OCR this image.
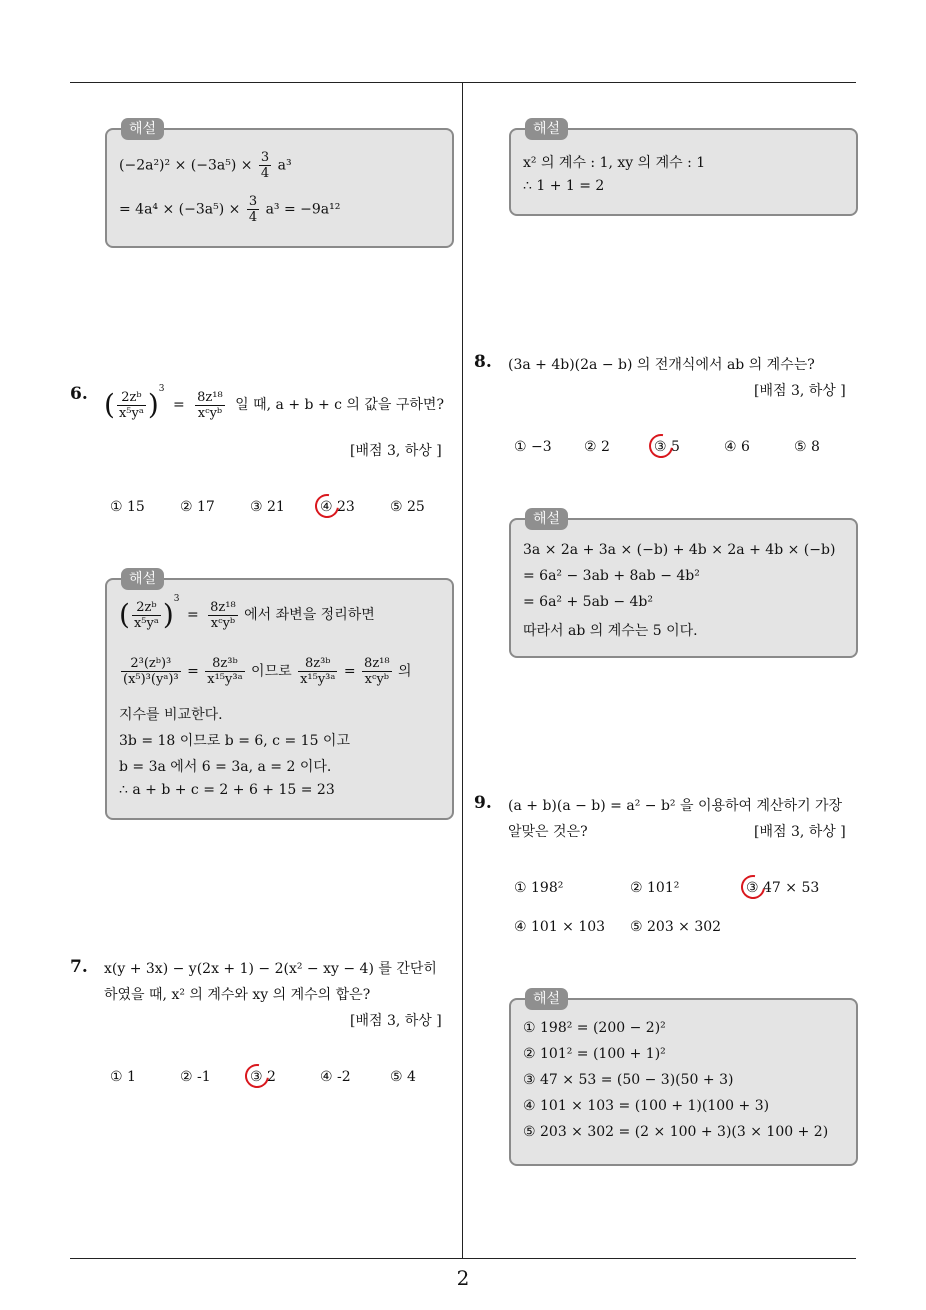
2
해설
$(-2a^2)^2 \times (-3a^5) \times \frac{3}{4} a^3$
= $4a^4 \times (-3a^5) \times \frac{3}{4} a^3 = -9a^{12}$
해설
x² 의 계수 : 1, xy 의 계수 : 1
∴ 1 + 1 = 2
6. ( $\frac{\text{2zᵇ}}{\text{x⁵yᵃ}} )^3 = \frac{\text{8z¹⁸}}{\text{xᶜyᵇ}}$ 일 때, a + b + c 의 값을 구하면?
[배점 3, 하상 ]
① 15	② 17	③ 21	④ 23	⑤ 25
해설
( $\frac{\text{2zᵇ}}{\text{x⁵yᵃ}} )^3 = \frac{\text{8z¹⁸}}{\text{xᶜyᵇ}}$ 에서 좌변을 정리하면
$\frac{\text{2³(zᵇ)³}}{\text{(x⁵)³(yᵃ)³}} = \frac{\text{8z³ᵇ}}{\text{x¹⁵y³ᵃ}}$ 이므로 $\frac{\text{8z³ᵇ}}{\text{x¹⁵y³ᵃ}} = \frac{\text{8z¹⁸}}{\text{xᶜyᵇ}}$ 의
지수를 비교한다.
3b = 18 이므로 b = 6, c = 15 이고
b = 3a 에서 6 = 3a, a = 2 이다.
∴ a + b + c = 2 + 6 + 15 = 23
7. x(y + 3x) − y(2x + 1) − 2(x² − xy − 4) 를 간단히
하였을 때, x² 의 계수와 xy 의 계수의 합은?
[배점 3, 하상 ]
① 1	② -1	③ 2	④ -2	⑤ 4
8. (3a + 4b)(2a − b) 의 전개식에서 ab 의 계수는?
[배점 3, 하상 ]
① −3 ② 2	③ 5	④ 6	⑤ 8
해설
3a × 2a + 3a × (−b) + 4b × 2a + 4b × (−b)
= 6a² − 3ab + 8ab − 4b²
= 6a² + 5ab − 4b²
따라서 ab 의 계수는 5 이다.
9. (a + b)(a − b) = a² − b² 을 이용하여 계산하기 가장
알맞은 것은?	[배점 3, 하상 ]
① 198²	② 101²	③ 47 × 53
④ 101 × 103 ⑤ 203 × 302
해설
① 198² = (200 − 2)²
② 101² = (100 + 1)²
③ 47 × 53 = (50 − 3)(50 + 3)
④ 101 × 103 = (100 + 1)(100 + 3)
⑤ 203 × 302 = (2 × 100 + 3)(3 × 100 + 2)
